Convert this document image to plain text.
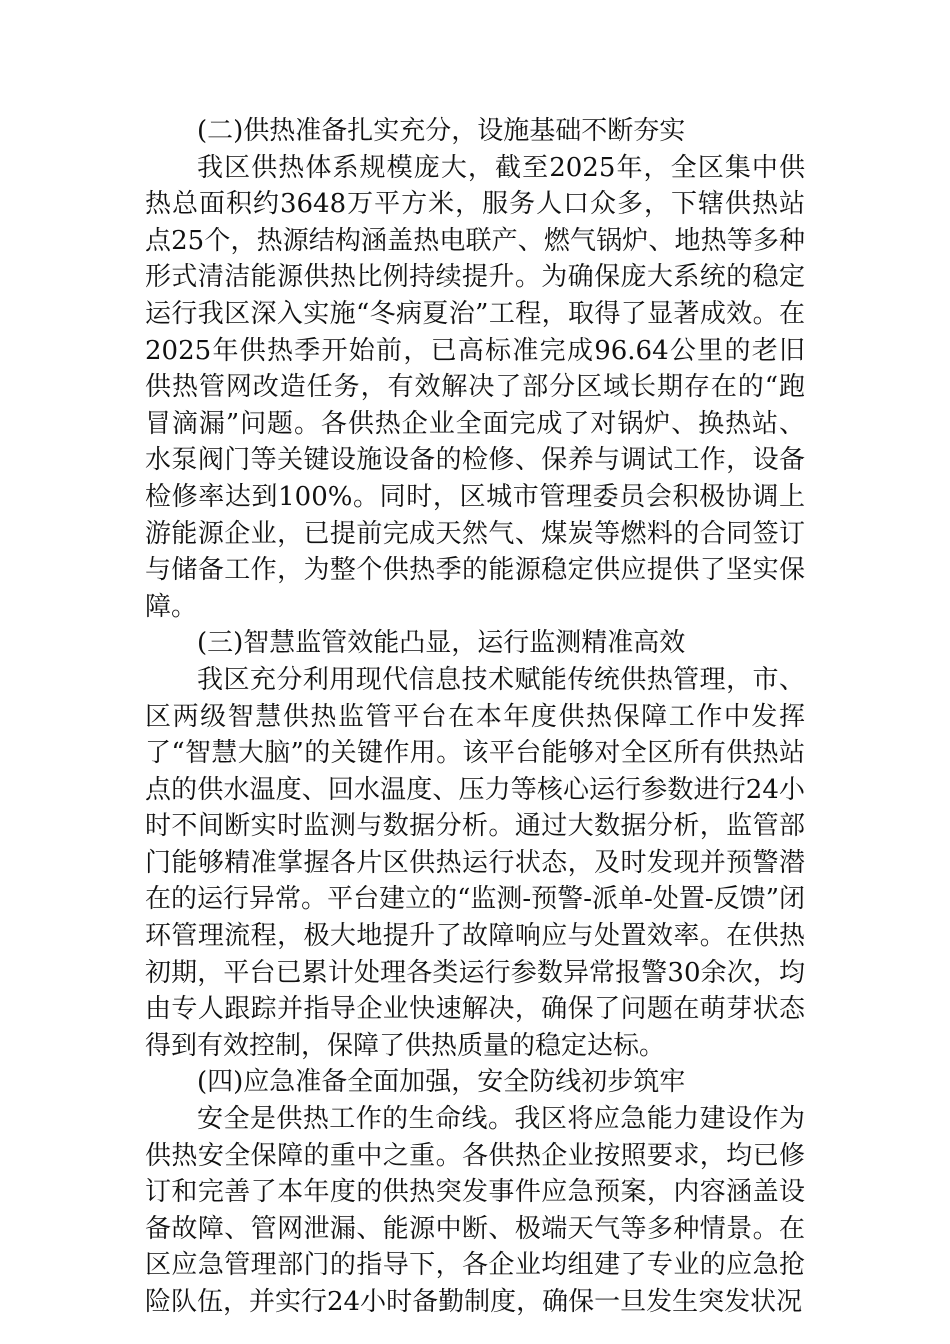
(二)供热准备扎实充分，设施基础不断夯实

我区供热体系规模庞大，截至2025年，全区集中供热总面积约3648万平方米，服务人口众多，下辖供热站点25个，热源结构涵盖热电联产、燃气锅炉、地热等多种形式清洁能源供热比例持续提升。为确保庞大系统的稳定运行我区深入实施“冬病夏治”工程，取得了显著成效。在2025年供热季开始前，已高标准完成96.64公里的老旧供热管网改造任务，有效解决了部分区域长期存在的“跑冒滴漏”问题。各供热企业全面完成了对锅炉、换热站、水泵阀门等关键设施设备的检修、保养与调试工作，设备检修率达到100%。同时，区城市管理委员会积极协调上游能源企业，已提前完成天然气、煤炭等燃料的合同签订与储备工作，为整个供热季的能源稳定供应提供了坚实保障。

(三)智慧监管效能凸显，运行监测精准高效

我区充分利用现代信息技术赋能传统供热管理，市、区两级智慧供热监管平台在本年度供热保障工作中发挥了“智慧大脑”的关键作用。该平台能够对全区所有供热站点的供水温度、回水温度、压力等核心运行参数进行24小时不间断实时监测与数据分析。通过大数据分析，监管部门能够精准掌握各片区供热运行状态，及时发现并预警潜在的运行异常。平台建立的“监测-预警-派单-处置-反馈”闭环管理流程，极大地提升了故障响应与处置效率。在供热初期，平台已累计处理各类运行参数异常报警30余次，均由专人跟踪并指导企业快速解决，确保了问题在萌芽状态得到有效控制，保障了供热质量的稳定达标。

(四)应急准备全面加强，安全防线初步筑牢

安全是供热工作的生命线。我区将应急能力建设作为供热安全保障的重中之重。各供热企业按照要求，均已修订和完善了本年度的供热突发事件应急预案，内容涵盖设备故障、管网泄漏、能源中断、极端天气等多种情景。在区应急管理部门的指导下，各企业均组建了专业的应急抢险队伍，并实行24小时备勤制度，确保一旦发生突发状况
